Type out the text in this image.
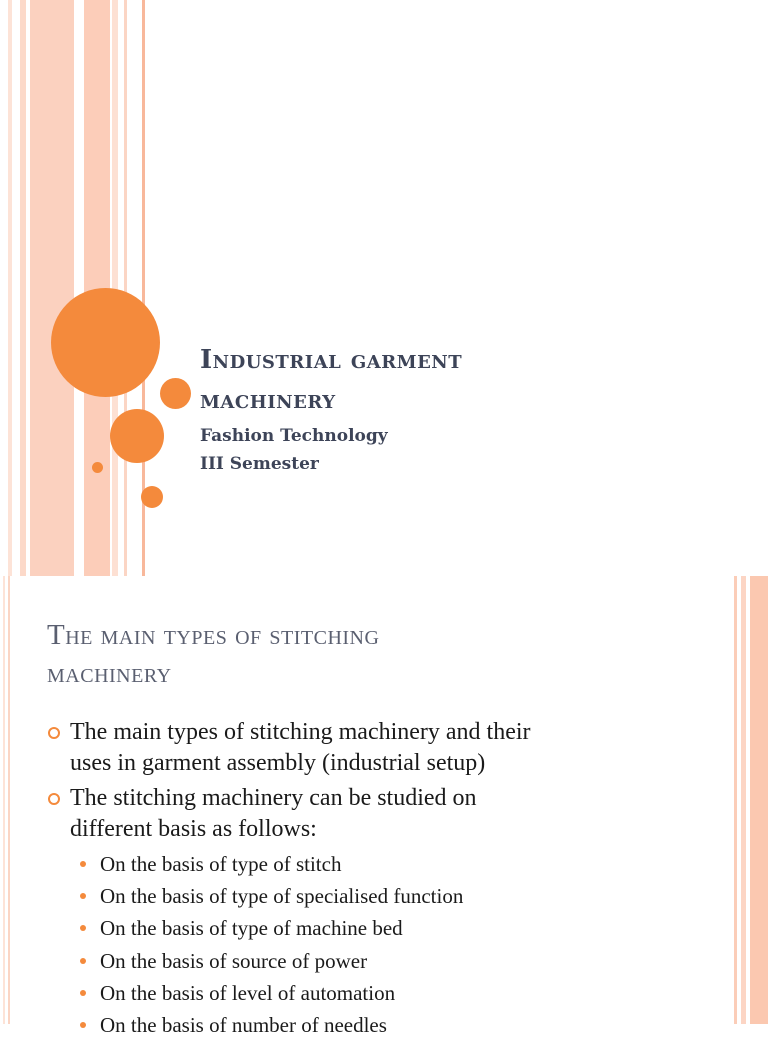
Industrial garment
machinery
Fashion Technology
III Semester
The main types of stitching
machinery
The main types of stitching machinery and their
uses in garment assembly (industrial setup)
The stitching machinery can be studied on
different basis as follows:
On the basis of type of stitch
On the basis of type of specialised function
On the basis of type of machine bed
On the basis of source of power
On the basis of level of automation
On the basis of number of needles
